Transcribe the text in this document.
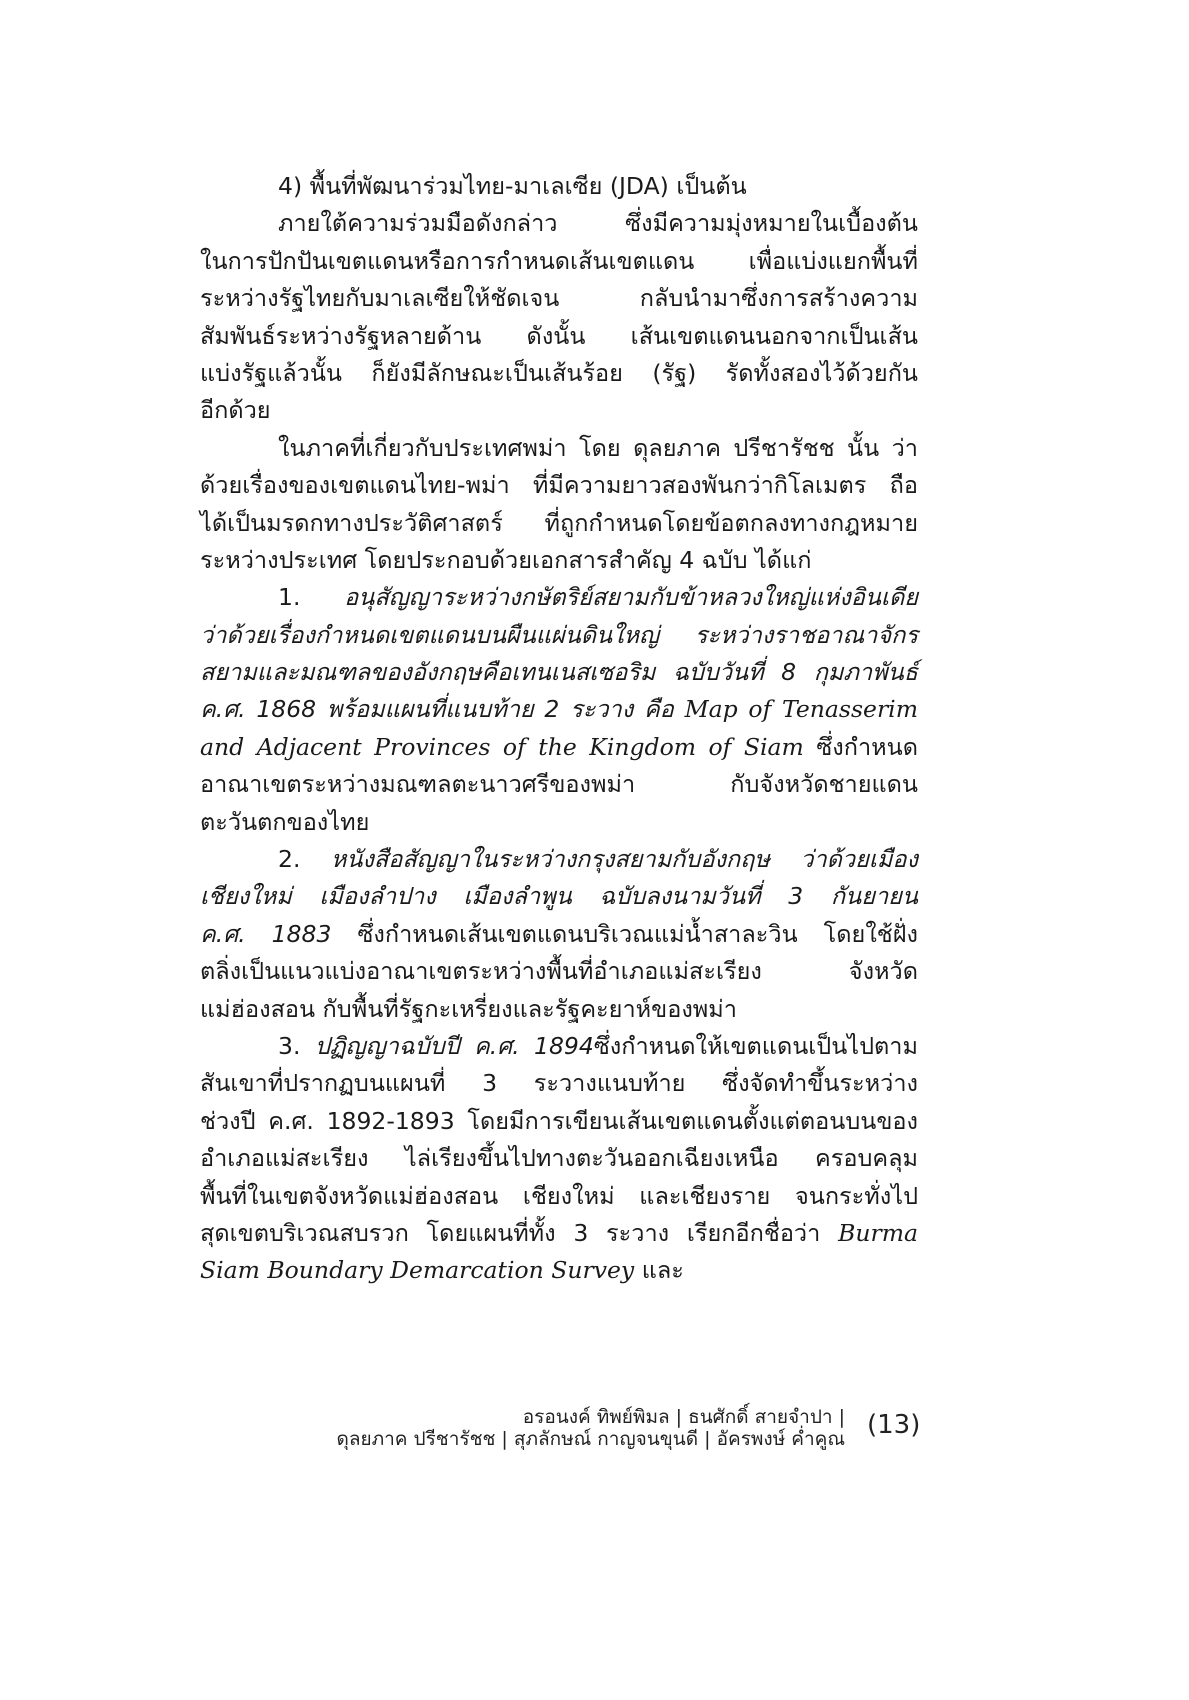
4) พื้นที่พัฒนาร่วมไทย-มาเลเซีย (JDA) เป็นต้น
ภายใต้ความร่วมมือดังกล่าว ซึ่งมีความมุ่งหมายในเบื้องต้น
ในการปักปันเขตแดนหรือการกำหนดเส้นเขตแดน เพื่อแบ่งแยกพื้นที่
ระหว่างรัฐไทยกับมาเลเซียให้ชัดเจน กลับนำมาซึ่งการสร้างความ
สัมพันธ์ระหว่างรัฐหลายด้าน ดังนั้น เส้นเขตแดนนอกจากเป็นเส้น
แบ่งรัฐแล้วนั้น ก็ยังมีลักษณะเป็นเส้นร้อย (รัฐ) รัดทั้งสองไว้ด้วยกัน
อีกด้วย
ในภาคที่เกี่ยวกับประเทศพม่า โดย ดุลยภาค ปรีชารัชช นั้น ว่า
ด้วยเรื่องของเขตแดนไทย-พม่า ที่มีความยาวสองพันกว่ากิโลเมตร ถือ
ได้เป็นมรดกทางประวัติศาสตร์ ที่ถูกกำหนดโดยข้อตกลงทางกฎหมาย
ระหว่างประเทศ โดยประกอบด้วยเอกสารสำคัญ 4 ฉบับ ได้แก่
1. อนุสัญญาระหว่างกษัตริย์สยามกับข้าหลวงใหญ่แห่งอินเดีย
ว่าด้วยเรื่องกำหนดเขตแดนบนผืนแผ่นดินใหญ่ ระหว่างราชอาณาจักร
สยามและมณฑลของอังกฤษคือเทนเนสเซอริม ฉบับวันที่ 8 กุมภาพันธ์
ค.ศ. 1868 พร้อมแผนที่แนบท้าย 2 ระวาง คือ Map of Tenasserim
and Adjacent Provinces of the Kingdom of Siam ซึ่งกำหนด
อาณาเขตระหว่างมณฑลตะนาวศรีของพม่า กับจังหวัดชายแดน
ตะวันตกของไทย
2. หนังสือสัญญาในระหว่างกรุงสยามกับอังกฤษ ว่าด้วยเมือง
เชียงใหม่ เมืองลำปาง เมืองลำพูน ฉบับลงนามวันที่ 3 กันยายน
ค.ศ. 1883 ซึ่งกำหนดเส้นเขตแดนบริเวณแม่น้ำสาละวิน โดยใช้ฝั่ง
ตลิ่งเป็นแนวแบ่งอาณาเขตระหว่างพื้นที่อำเภอแม่สะเรียง จังหวัด
แม่ฮ่องสอน กับพื้นที่รัฐกะเหรี่ยงและรัฐคะยาห์ของพม่า
3. ปฏิญญาฉบับปี ค.ศ. 1894ซึ่งกำหนดให้เขตแดนเป็นไปตาม
สันเขาที่ปรากฏบนแผนที่ 3 ระวางแนบท้าย ซึ่งจัดทำขึ้นระหว่าง
ช่วงปี ค.ศ. 1892-1893 โดยมีการเขียนเส้นเขตแดนตั้งแต่ตอนบนของ
อำเภอแม่สะเรียง ไล่เรียงขึ้นไปทางตะวันออกเฉียงเหนือ ครอบคลุม
พื้นที่ในเขตจังหวัดแม่ฮ่องสอน เชียงใหม่ และเชียงราย จนกระทั่งไป
สุดเขตบริเวณสบรวก โดยแผนที่ทั้ง 3 ระวาง เรียกอีกชื่อว่า Burma
Siam Boundary Demarcation Survey และ
อรอนงค์ ทิพย์พิมล | ธนศักดิ์ สายจำปา |
ดุลยภาค ปรีชารัชช | สุภลักษณ์ กาญจนขุนดี | อัครพงษ์ ค่ำคูณ (13)
